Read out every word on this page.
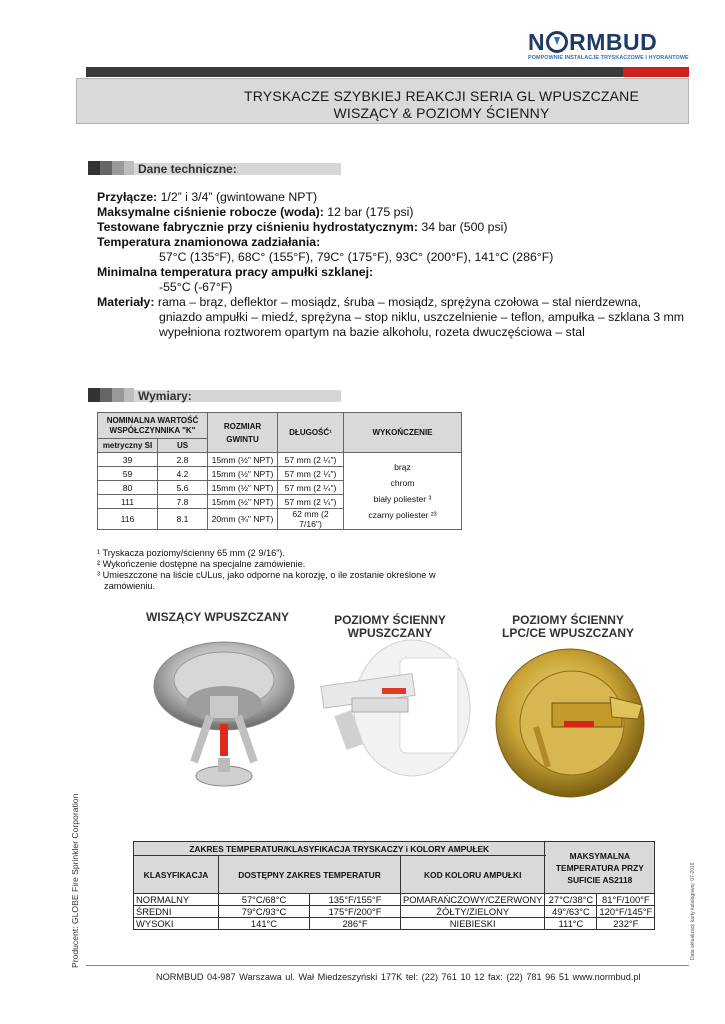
N RMBUD
POMPOWNIE INSTALACJE TRYSKACZOWE I HYDRANTOWE
TRYSKACZE SZYBKIEJ REAKCJI SERIA GL WPUSZCZANE
WISZĄCY & POZIOMY ŚCIENNY
Dane techniczne:
Przyłącze: 1/2” i 3/4” (gwintowane NPT)
Maksymalne ciśnienie robocze (woda): 12 bar (175 psi)
Testowane fabrycznie przy ciśnieniu hydrostatycznym: 34 bar (500 psi)
Temperatura znamionowa zadziałania:
57°C (135°F), 68C° (155°F), 79C° (175°F), 93C° (200°F), 141°C (286°F)
Minimalna temperatura pracy ampułki szklanej:
-55°C (-67°F)
Materiały: rama – brąz, deflektor – mosiądz, śruba – mosiądz, sprężyna czołowa – stal nierdzewna,
gniazdo ampułki – miedź, sprężyna – stop niklu, uszczelnienie – teflon, ampułka – szklana 3 mm
wypełniona roztworem opartym na bazie alkoholu, rozeta dwuczęściowa – stal
Wymiary:
NOMINALNA WARTOŚĆ WSPÓŁCZYNNIKA "K"		ROZMIAR GWINTU	DŁUGOŚĆ¹	WYKOŃCZENIE
metryczny SI	US			
39	2.8	15mm (½" NPT)	57 mm (2 ¼")	brąz
chrom
biały poliester ³
czarny poliester ²³

59	4.2	15mm (½" NPT)	57 mm (2 ¼")	
80	5.6	15mm (½" NPT)	57 mm (2 ¼")	
111	7.8	15mm (½" NPT)	57 mm (2 ¼")	
116	8.1	20mm (¾" NPT)	62 mm (2 7/16")	
¹ Tryskacza poziomy/ścienny 65 mm (2 9/16”).
² Wykończenie dostępne na specjalne zamówienie.
³ Umieszczone na liście cULus, jako odporne na korozję, o ile zostanie określone w
zamówieniu.
WISZĄCY WPUSZCZANY	POZIOMY ŚCIENNY
WPUSZCZANY
POZIOMY ŚCIENNY
LPC/CE WPUSZCZANY
ZAKRES TEMPERATUR/KLASYFIKACJA TRYSKACZY i KOLORY AMPUŁEK				MAKSYMALNA TEMPERATURA PRZY SUFICIE AS2118	
KLASYFIKACJA	DOSTĘPNY ZAKRES TEMPERATUR		KOD KOLORU AMPUŁKI		
NORMALNY	57°C/68°C	135°F/155°F	POMARAŃCZOWY/CZERWONY	27°C/38°C	81°F/100°F
ŚREDNI	79°C/93°C	175°F/200°F	ŻÓŁTY/ZIELONY	49°/63°C	120°F/145°F
WYSOKI	141°C	286°F	NIEBIESKI	111°C	232°F
Producent: GLOBE Fire Sprinkler Corporation	Data aktualizacji karty katalogowej: 07-2016
NORMBUD 04-987 Warszawa ul. Wał Miedzeszyński 177K tel: (22) 761 10 12 fax: (22) 781 96 51 www.normbud.pl
